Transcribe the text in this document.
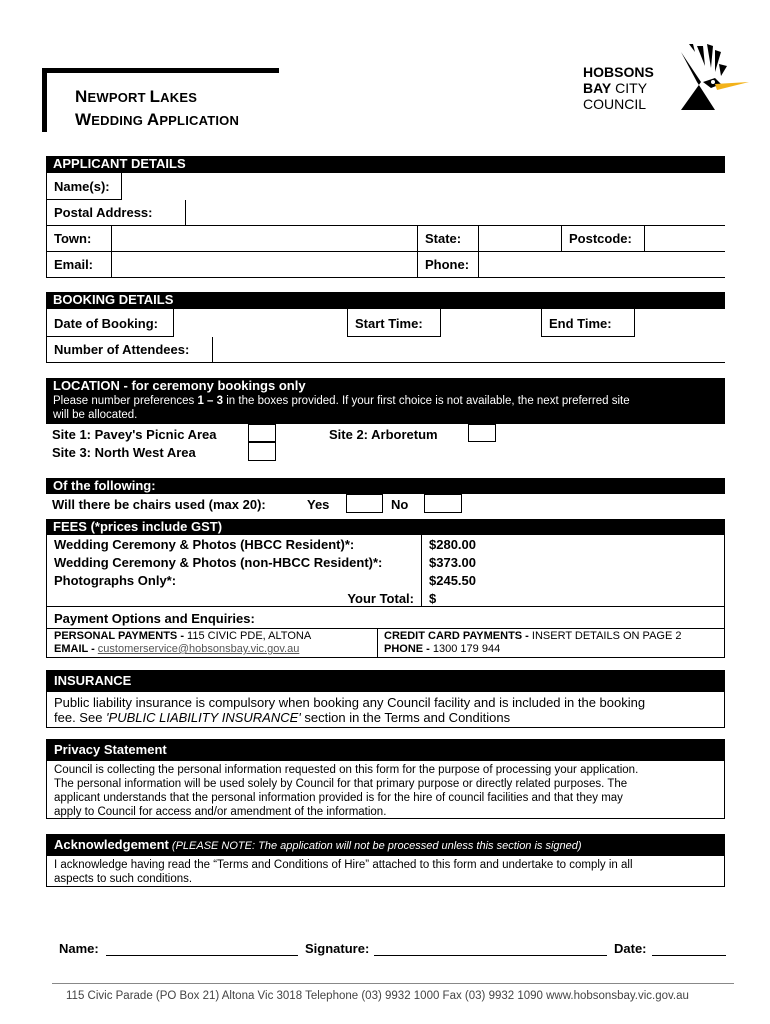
NEWPORT LAKES
WEDDING APPLICATION
HOBSONS
BAY CITY
COUNCIL
APPLICANT DETAILS
Name(s):
Postal Address:
Town:	State:	Postcode:
Email:	Phone:
BOOKING DETAILS
Date of Booking:	Start Time:	End Time:
Number of Attendees:
LOCATION - for ceremony bookings only
Please number preferences 1 – 3 in the boxes provided. If your first choice is not available, the next preferred site
will be allocated.
Site 1: Pavey's Picnic Area	Site 2: Arboretum
Site 3: North West Area
Of the following:
Will there be chairs used (max 20):	Yes	No
FEES (*prices include GST)
Wedding Ceremony & Photos (HBCC Resident)*:	$280.00
Wedding Ceremony & Photos (non-HBCC Resident)*:	$373.00
Photographs Only*:	$245.50
Your Total: $
Payment Options and Enquiries:
PERSONAL PAYMENTS - 115 CIVIC PDE, ALTONA	CREDIT CARD PAYMENTS - INSERT DETAILS ON PAGE 2
EMAIL - customerservice@hobsonsbay.vic.gov.au	PHONE - 1300 179 944
INSURANCE
Public liability insurance is compulsory when booking any Council facility and is included in the booking
fee. See 'PUBLIC LIABILITY INSURANCE' section in the Terms and Conditions
Privacy Statement
Council is collecting the personal information requested on this form for the purpose of processing your application.
The personal information will be used solely by Council for that primary purpose or directly related purposes. The
applicant understands that the personal information provided is for the hire of council facilities and that they may
apply to Council for access and/or amendment of the information.
Acknowledgement (PLEASE NOTE: The application will not be processed unless this section is signed)
I acknowledge having read the “Terms and Conditions of Hire” attached to this form and undertake to comply in all
aspects to such conditions.
Name:	Signature:	Date:
115 Civic Parade (PO Box 21) Altona Vic 3018 Telephone (03) 9932 1000 Fax (03) 9932 1090 www.hobsonsbay.vic.gov.au
